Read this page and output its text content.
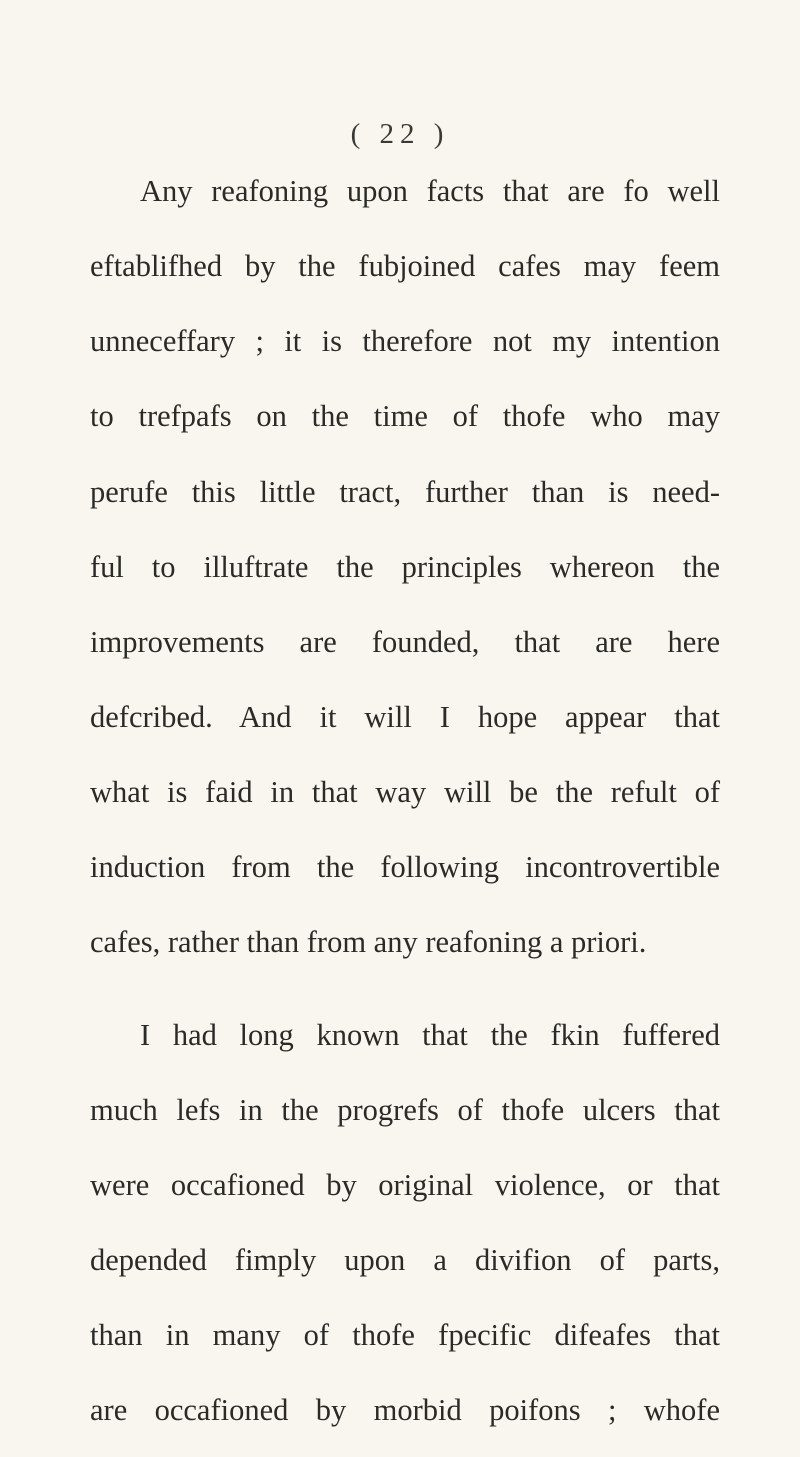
( 22 )
Any reafoning upon facts that are fo well
eftablifhed by the fubjoined cafes may feem
unneceffary ; it is therefore not my intention
to trefpafs on the time of thofe who may
perufe this little tract, further than is need-
ful to illuftrate the principles whereon the
improvements are founded, that are here
defcribed. And it will I hope appear that
what is faid in that way will be the refult of
induction from the following incontrovertible
cafes, rather than from any reafoning a priori.
I had long known that the fkin fuffered
much lefs in the progrefs of thofe ulcers that
were occafioned by original violence, or that
depended fimply upon a divifion of parts,
than in many of thofe fpecific difeafes that
are occafioned by morbid poifons ; whofe
